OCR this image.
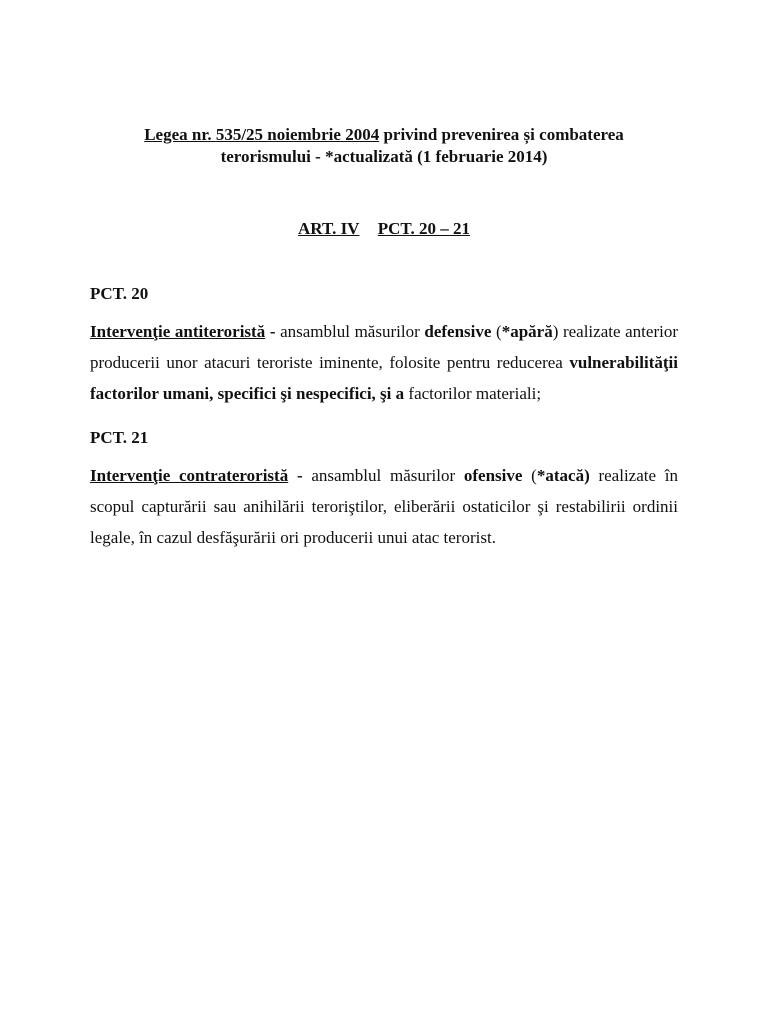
Legea nr. 535/25 noiembrie 2004 privind prevenirea și combaterea
terorismului - *actualizată (1 februarie 2014)
ART. IV PCT. 20 – 21
PCT. 20
Intervenţie antiteroristă - ansamblul măsurilor defensive (*apără) realizate anterior producerii unor atacuri teroriste iminente, folosite pentru reducerea vulnerabilităţii factorilor umani, specifici şi nespecifici, şi a factorilor materiali;
PCT. 21
Intervenţie contrateroristă - ansamblul măsurilor ofensive (*atacă) realizate în scopul capturării sau anihilării teroriştilor, eliberării ostaticilor şi restabilirii ordinii legale, în cazul desfăşurării ori producerii unui atac terorist.
